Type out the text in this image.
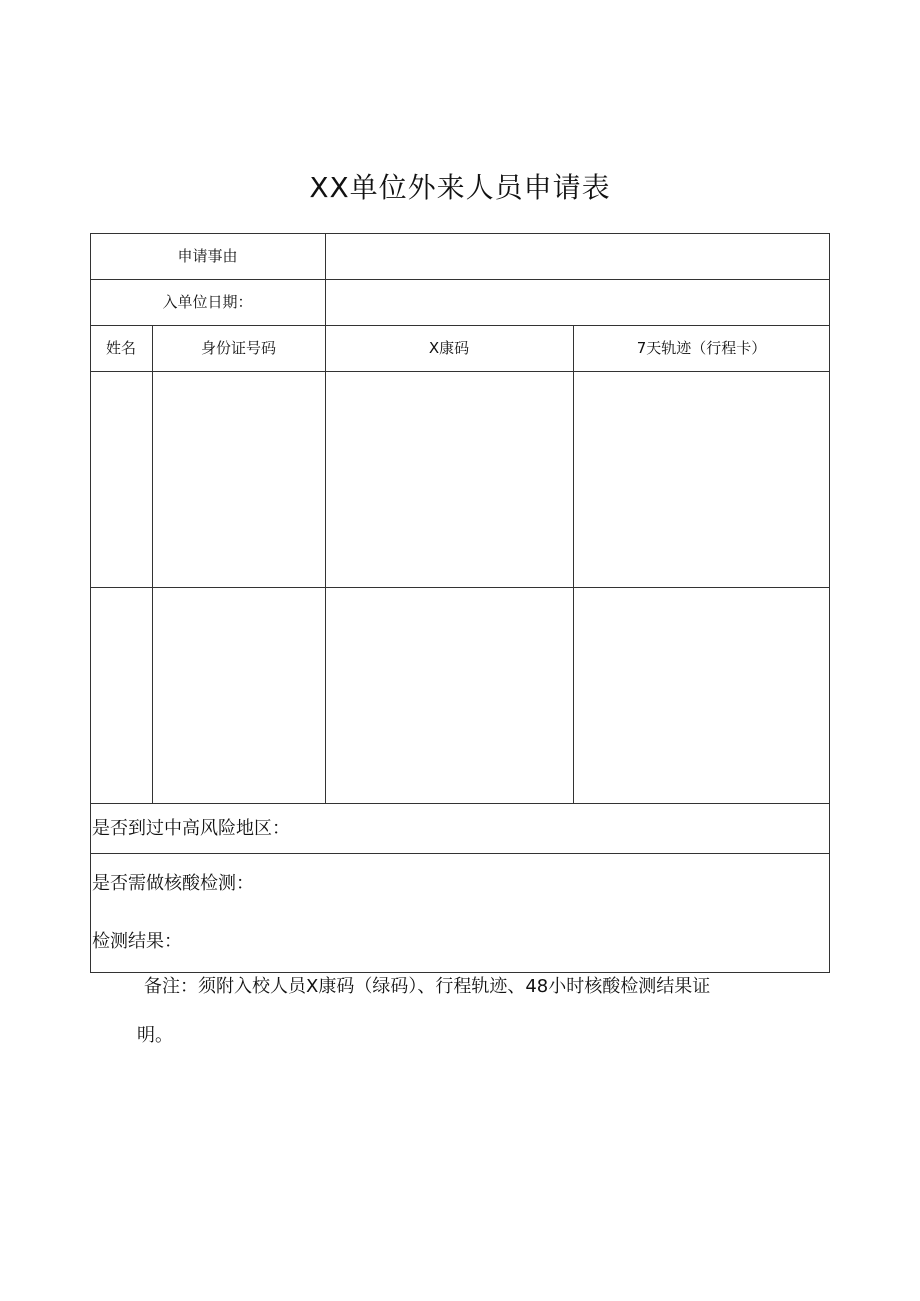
XX单位外来人员申请表
申请事由
入单位日期：
姓名	身份证号码	X康码	7天轨迹（行程卡）
是否到过中高风险地区：
是否需做核酸检测：
检测结果：
备注：须附入校人员X康码（绿码）、行程轨迹、48小时核酸检测结果证
明。
